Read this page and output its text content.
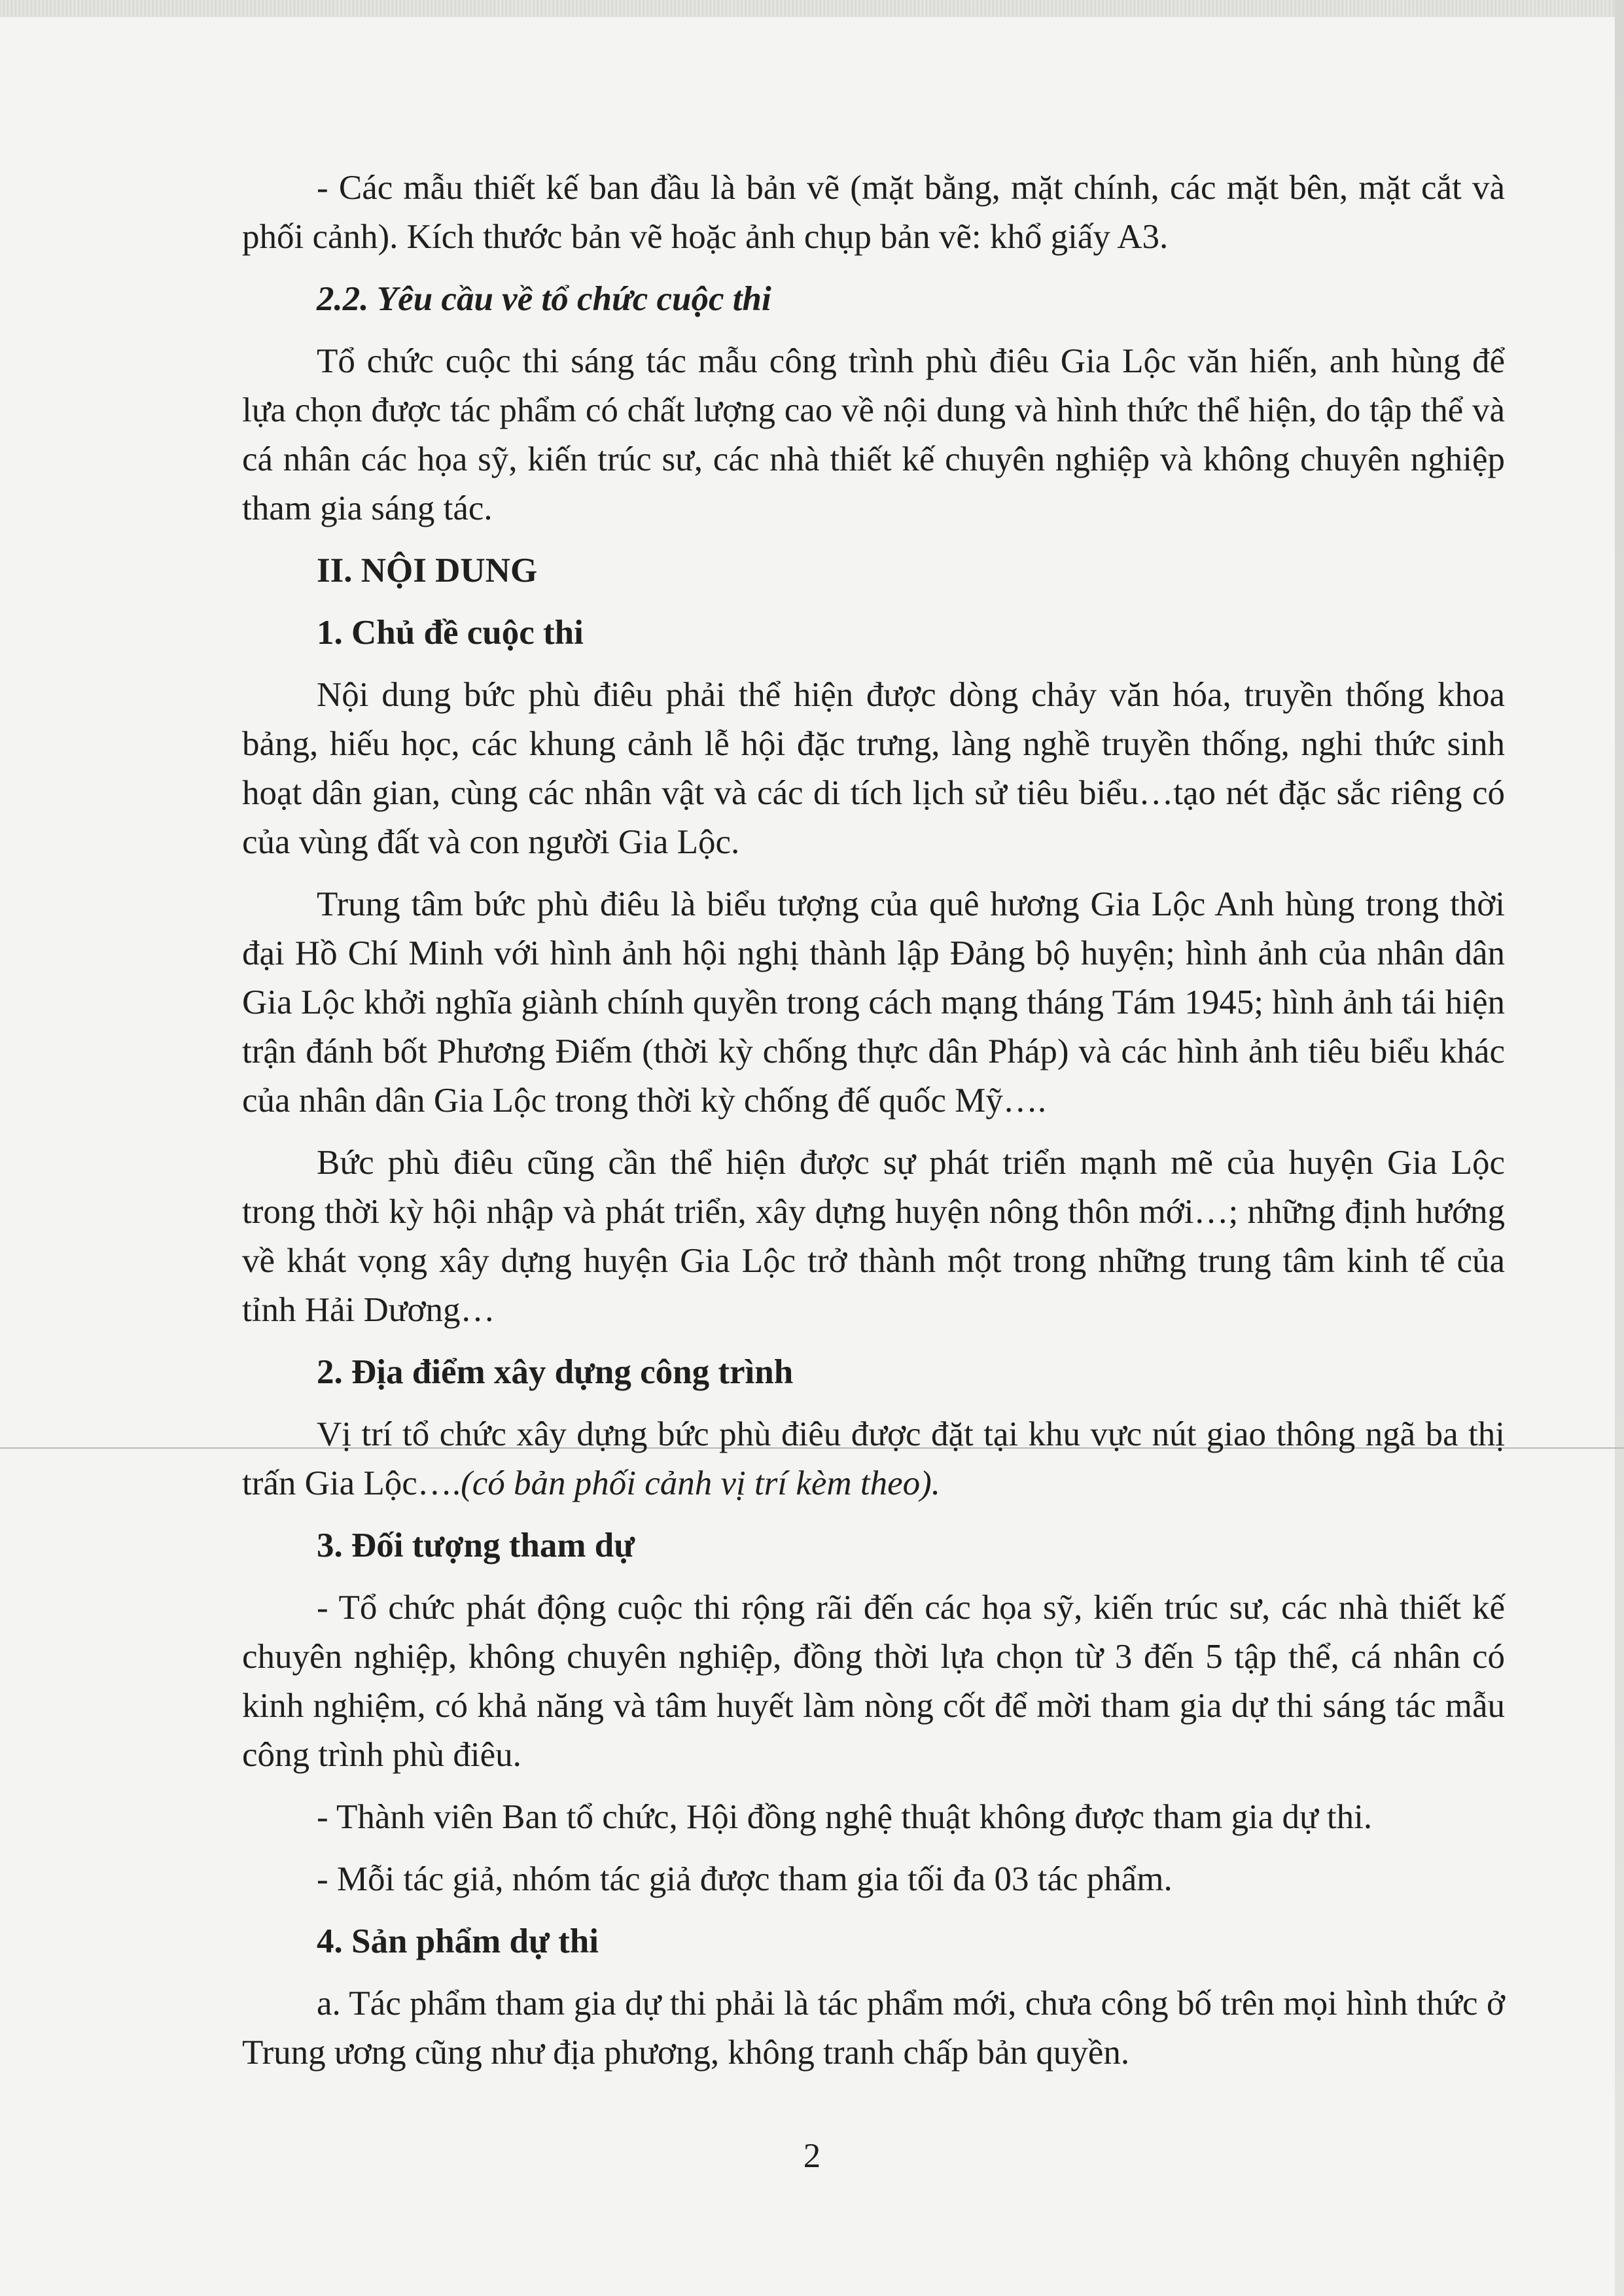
- Các mẫu thiết kế ban đầu là bản vẽ (mặt bằng, mặt chính, các mặt bên, mặt cắt và phối cảnh). Kích thước bản vẽ hoặc ảnh chụp bản vẽ: khổ giấy A3.

2.2. Yêu cầu về tổ chức cuộc thi

Tổ chức cuộc thi sáng tác mẫu công trình phù điêu Gia Lộc văn hiến, anh hùng để lựa chọn được tác phẩm có chất lượng cao về nội dung và hình thức thể hiện, do tập thể và cá nhân các họa sỹ, kiến trúc sư, các nhà thiết kế chuyên nghiệp và không chuyên nghiệp tham gia sáng tác.

II. NỘI DUNG

1. Chủ đề cuộc thi

Nội dung bức phù điêu phải thể hiện được dòng chảy văn hóa, truyền thống khoa bảng, hiếu học, các khung cảnh lễ hội đặc trưng, làng nghề truyền thống, nghi thức sinh hoạt dân gian, cùng các nhân vật và các di tích lịch sử tiêu biểu…tạo nét đặc sắc riêng có của vùng đất và con người Gia Lộc.

Trung tâm bức phù điêu là biểu tượng của quê hương Gia Lộc Anh hùng trong thời đại Hồ Chí Minh với hình ảnh hội nghị thành lập Đảng bộ huyện; hình ảnh của nhân dân Gia Lộc khởi nghĩa giành chính quyền trong cách mạng tháng Tám 1945; hình ảnh tái hiện trận đánh bốt Phương Điếm (thời kỳ chống thực dân Pháp) và các hình ảnh tiêu biểu khác của nhân dân Gia Lộc trong thời kỳ chống đế quốc Mỹ….

Bức phù điêu cũng cần thể hiện được sự phát triển mạnh mẽ của huyện Gia Lộc trong thời kỳ hội nhập và phát triển, xây dựng huyện nông thôn mới…; những định hướng về khát vọng xây dựng huyện Gia Lộc trở thành một trong những trung tâm kinh tế của tỉnh Hải Dương…

2. Địa điểm xây dựng công trình

Vị trí tổ chức xây dựng bức phù điêu được đặt tại khu vực nút giao thông ngã ba thị trấn Gia Lộc….(có bản phối cảnh vị trí kèm theo).

3. Đối tượng tham dự

- Tổ chức phát động cuộc thi rộng rãi đến các họa sỹ, kiến trúc sư, các nhà thiết kế chuyên nghiệp, không chuyên nghiệp, đồng thời lựa chọn từ 3 đến 5 tập thể, cá nhân có kinh nghiệm, có khả năng và tâm huyết làm nòng cốt để mời tham gia dự thi sáng tác mẫu công trình phù điêu.

- Thành viên Ban tổ chức, Hội đồng nghệ thuật không được tham gia dự thi.

- Mỗi tác giả, nhóm tác giả được tham gia tối đa 03 tác phẩm.

4. Sản phẩm dự thi

a. Tác phẩm tham gia dự thi phải là tác phẩm mới, chưa công bố trên mọi hình thức ở Trung ương cũng như địa phương, không tranh chấp bản quyền.

2
